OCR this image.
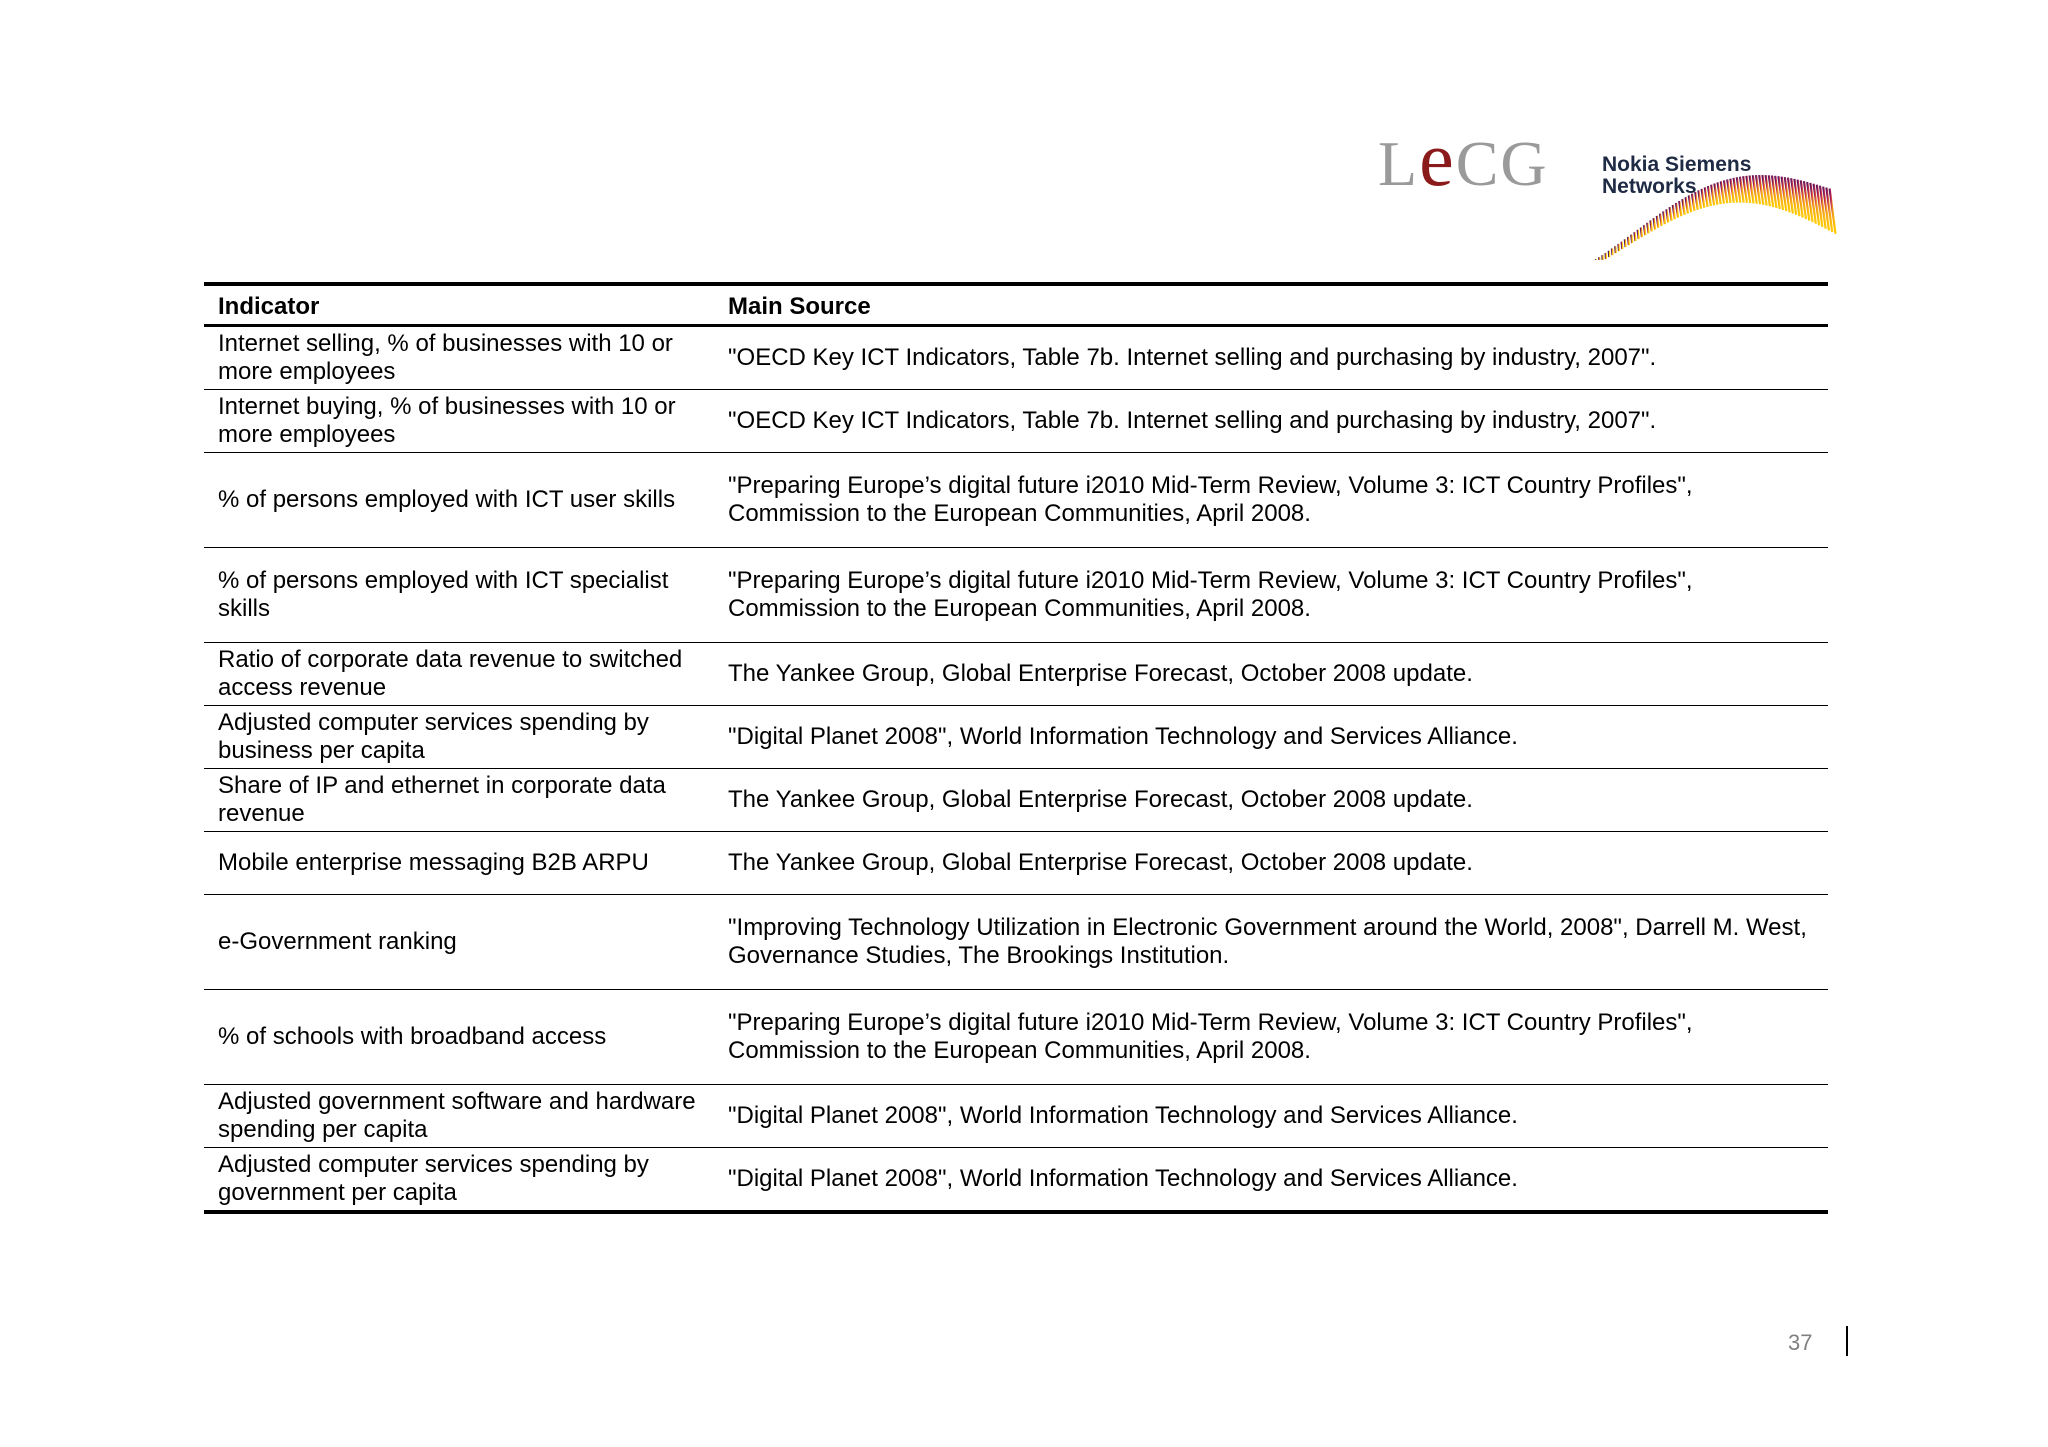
LeCG	Nokia Siemens
Networks
Indicator	Main Source
Internet selling, % of businesses with 10 or more employees	"OECD Key ICT Indicators, Table 7b. Internet selling and purchasing by industry, 2007".
Internet buying, % of businesses with 10 or more employees	"OECD Key ICT Indicators, Table 7b. Internet selling and purchasing by industry, 2007".
% of persons employed with ICT user skills	"Preparing Europe’s digital future i2010 Mid-Term Review, Volume 3: ICT Country Profiles", Commission to the European Communities, April 2008.
% of persons employed with ICT specialist skills	"Preparing Europe’s digital future i2010 Mid-Term Review, Volume 3: ICT Country Profiles", Commission to the European Communities, April 2008.
Ratio of corporate data revenue to switched access revenue	The Yankee Group, Global Enterprise Forecast, October 2008 update.
Adjusted computer services spending by business per capita	"Digital Planet 2008", World Information Technology and Services Alliance.
Share of IP and ethernet in corporate data revenue	The Yankee Group, Global Enterprise Forecast, October 2008 update.
Mobile enterprise messaging B2B ARPU	The Yankee Group, Global Enterprise Forecast, October 2008 update.
e-Government ranking	"Improving Technology Utilization in Electronic Government around the World, 2008", Darrell M. West, Governance Studies, The Brookings Institution.
% of schools with broadband access	"Preparing Europe’s digital future i2010 Mid-Term Review, Volume 3: ICT Country Profiles", Commission to the European Communities, April 2008.
Adjusted government software and hardware spending per capita	"Digital Planet 2008", World Information Technology and Services Alliance.
Adjusted computer services spending by government per capita	"Digital Planet 2008", World Information Technology and Services Alliance.
37
